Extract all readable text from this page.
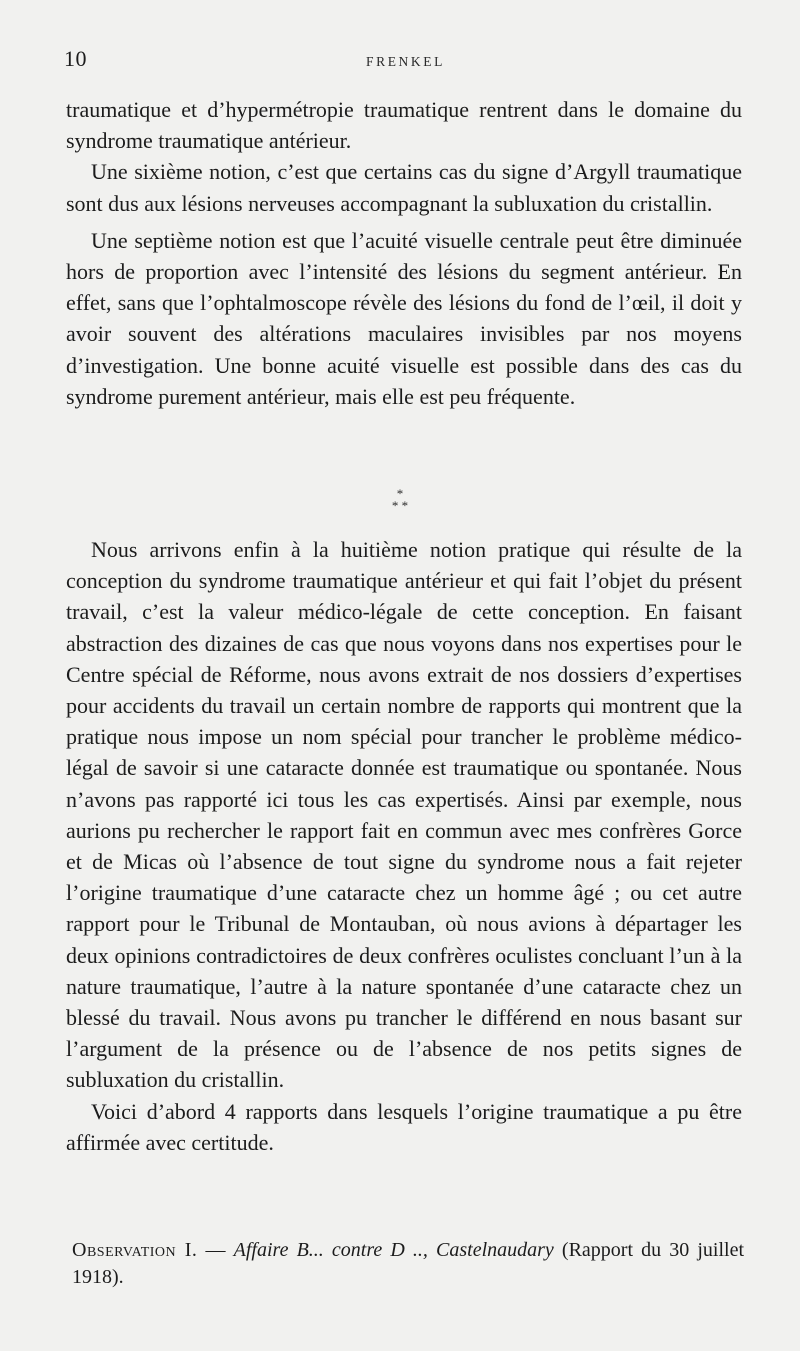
10	FRENKEL

traumatique et d’hypermétropie traumatique rentrent dans le domaine du syndrome traumatique antérieur.

Une sixième notion, c’est que certains cas du signe d’Argyll traumatique sont dus aux lésions nerveuses accompagnant la subluxation du cristallin.

Une septième notion est que l’acuité visuelle centrale peut être diminuée hors de proportion avec l’intensité des lésions du segment antérieur. En effet, sans que l’ophtalmoscope révèle des lésions du fond de l’œil, il doit y avoir souvent des altérations maculaires invisibles par nos moyens d’investigation. Une bonne acuité visuelle est possible dans des cas du syndrome purement antérieur, mais elle est peu fréquente.

*
* *

Nous arrivons enfin à la huitième notion pratique qui résulte de la conception du syndrome traumatique antérieur et qui fait l’objet du présent travail, c’est la valeur médico-légale de cette conception. En faisant abstraction des dizaines de cas que nous voyons dans nos expertises pour le Centre spécial de Réforme, nous avons extrait de nos dossiers d’expertises pour accidents du travail un certain nombre de rapports qui montrent que la pratique nous impose un nom spécial pour trancher le problème médico-légal de savoir si une cataracte donnée est traumatique ou spontanée. Nous n’avons pas rapporté ici tous les cas expertisés. Ainsi par exemple, nous aurions pu rechercher le rapport fait en commun avec mes confrères Gorce et de Micas où l’absence de tout signe du syndrome nous a fait rejeter l’origine traumatique d’une cataracte chez un homme âgé ; ou cet autre rapport pour le Tribunal de Montauban, où nous avions à départager les deux opinions contradictoires de deux confrères oculistes concluant l’un à la nature traumatique, l’autre à la nature spontanée d’une cataracte chez un blessé du travail. Nous avons pu trancher le différend en nous basant sur l’argument de la présence ou de l’absence de nos petits signes de subluxation du cristallin.

Voici d’abord 4 rapports dans lesquels l’origine traumatique a pu être affirmée avec certitude.

Observation I. — Affaire B... contre D .., Castelnaudary (Rapport du 30 juillet 1918).
